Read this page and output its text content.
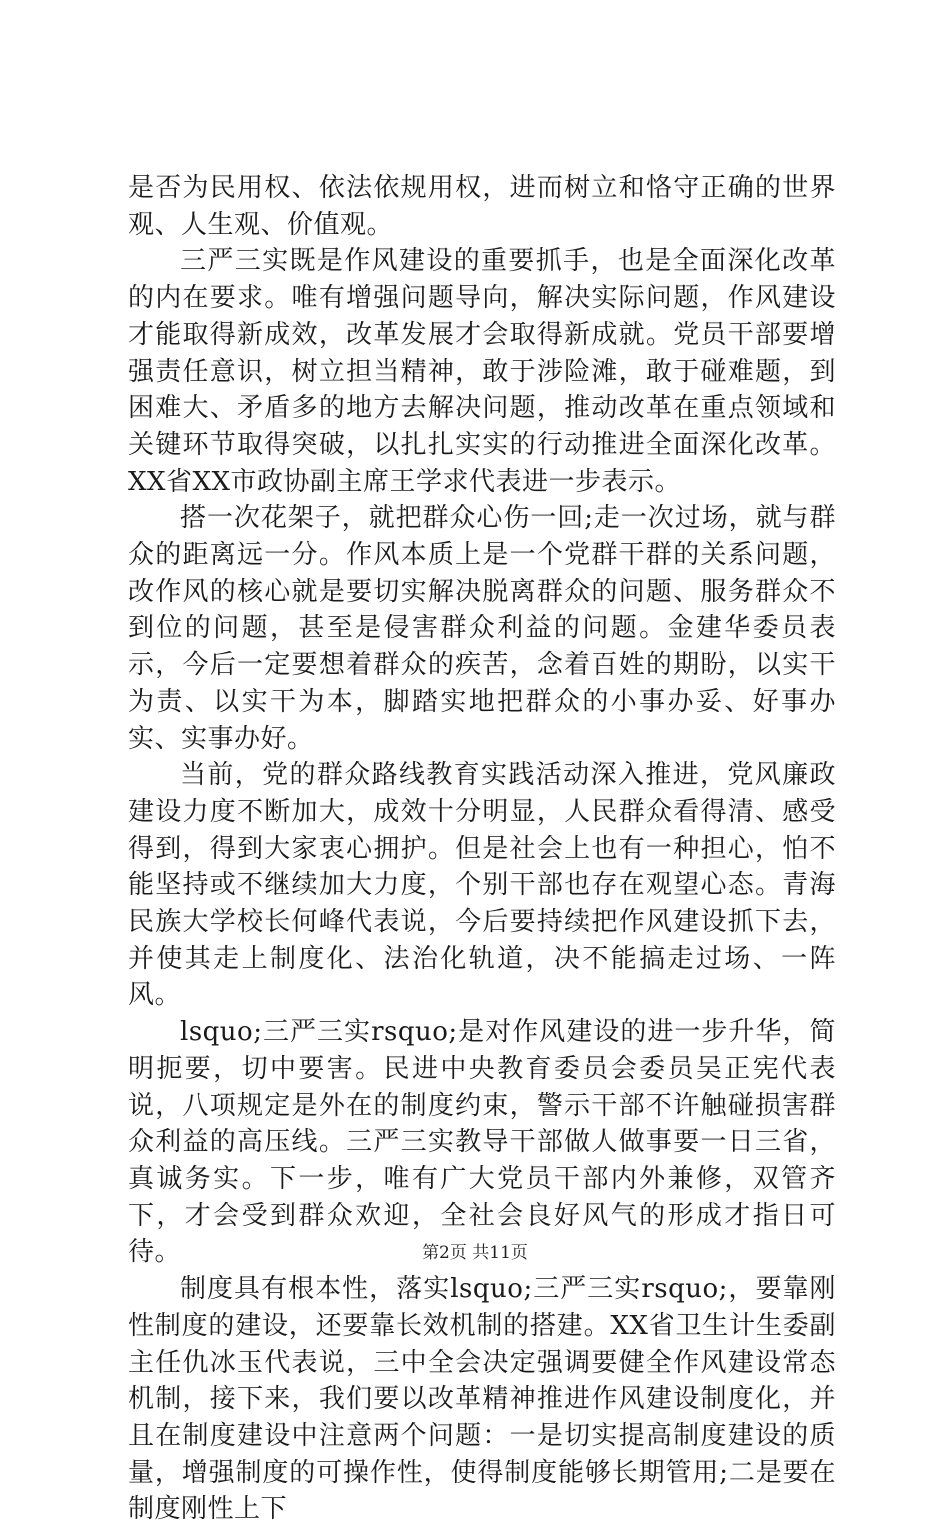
是否为民用权、依法依规用权，进而树立和恪守正确的世界观、人生观、价值观。

三严三实既是作风建设的重要抓手，也是全面深化改革的内在要求。唯有增强问题导向，解决实际问题，作风建设才能取得新成效，改革发展才会取得新成就。党员干部要增强责任意识，树立担当精神，敢于涉险滩，敢于碰难题，到困难大、矛盾多的地方去解决问题，推动改革在重点领域和关键环节取得突破，以扎扎实实的行动推进全面深化改革。XX省XX市政协副主席王学求代表进一步表示。

搭一次花架子，就把群众心伤一回;走一次过场，就与群众的距离远一分。作风本质上是一个党群干群的关系问题，改作风的核心就是要切实解决脱离群众的问题、服务群众不到位的问题，甚至是侵害群众利益的问题。金建华委员表示，今后一定要想着群众的疾苦，念着百姓的期盼，以实干为责、以实干为本，脚踏实地把群众的小事办妥、好事办实、实事办好。

当前，党的群众路线教育实践活动深入推进，党风廉政建设力度不断加大，成效十分明显，人民群众看得清、感受得到，得到大家衷心拥护。但是社会上也有一种担心，怕不能坚持或不继续加大力度，个别干部也存在观望心态。青海民族大学校长何峰代表说，今后要持续把作风建设抓下去，并使其走上制度化、法治化轨道，决不能搞走过场、一阵风。

lsquo;三严三实rsquo;是对作风建设的进一步升华，简明扼要，切中要害。民进中央教育委员会委员吴正宪代表说，八项规定是外在的制度约束，警示干部不许触碰损害群众利益的高压线。三严三实教导干部做人做事要一日三省，真诚务实。下一步，唯有广大党员干部内外兼修，双管齐下，才会受到群众欢迎，全社会良好风气的形成才指日可待。

制度具有根本性，落实lsquo;三严三实rsquo;，要靠刚性制度的建设，还要靠长效机制的搭建。XX省卫生计生委副主任仇冰玉代表说，三中全会决定强调要健全作风建设常态机制，接下来，我们要以改革精神推进作风建设制度化，并且在制度建设中注意两个问题：一是切实提高制度建设的质量，增强制度的可操作性，使得制度能够长期管用;二是要在制度刚性上下

第2页 共11页
